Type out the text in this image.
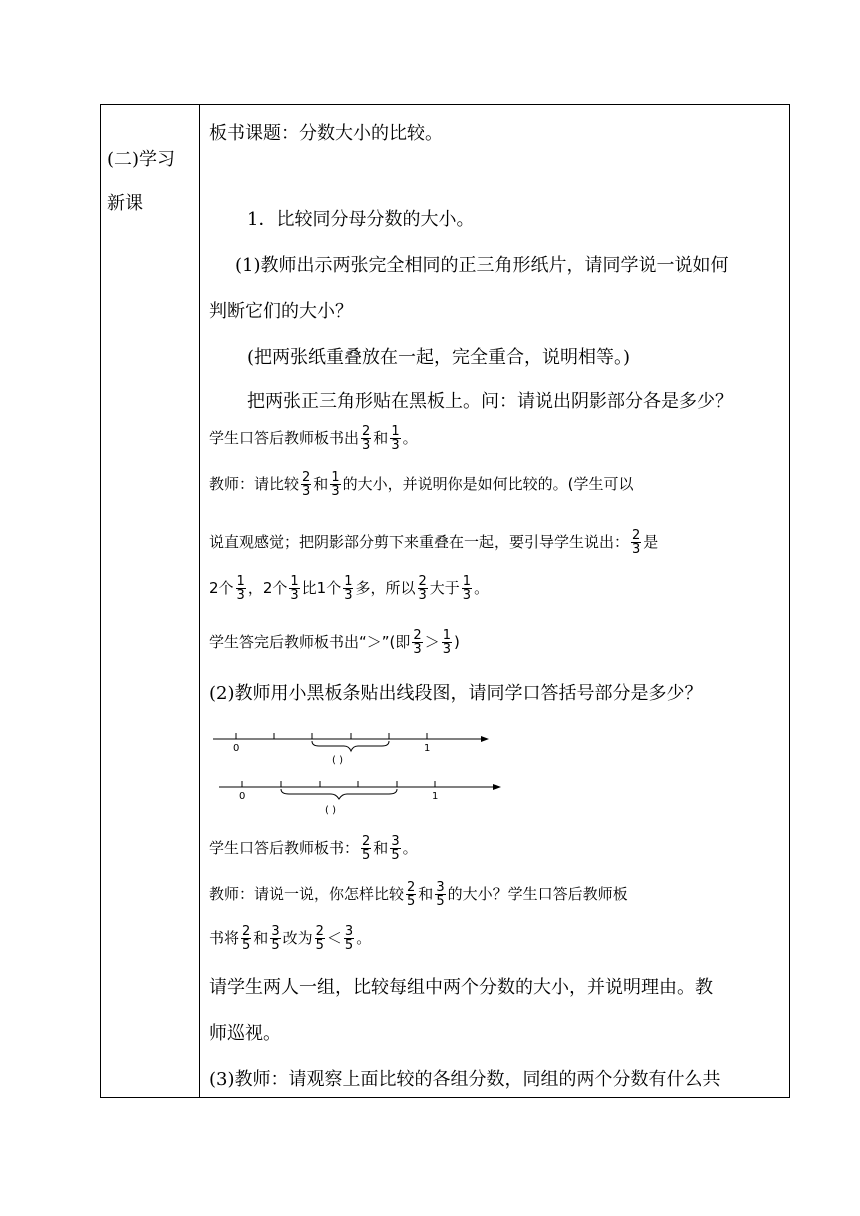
(二)学习
新课
板书课题：分数大小的比较。
1．比较同分母分数的大小。
(1)教师出示两张完全相同的正三角形纸片，请同学说一说如何
判断它们的大小？
(把两张纸重叠放在一起，完全重合，说明相等。)
把两张正三角形贴在黑板上。问：请说出阴影部分各是多少？
学生口答后教师板书出 $\frac{2}{3}$ 和 $\frac{1}{3}$ 。
教师：请比较 $\frac{2}{3}$ 和 $\frac{1}{3}$ 的大小，并说明你是如何比较的。(学生可以
说直观感觉；把阴影部分剪下来重叠在一起，要引导学生说出： $\frac{2}{3}$ 是
2个 $\frac{1}{3}$ ，2个 $\frac{1}{3}$ 比1个 $\frac{1}{3}$ 多，所以 $\frac{2}{3}$ 大于 $\frac{1}{3}$ 。
学生答完后教师板书出“＞”(即 $\frac{2}{3} > \frac{1}{3}$ )
(2)教师用小黑板条贴出线段图，请同学口答括号部分是多少？
0	1
( )
0	1
( )
学生口答后教师板书： $\frac{2}{5}$ 和 $\frac{3}{5}$ 。
教师：请说一说，你怎样比较 $\frac{2}{5}$ 和 $\frac{3}{5}$ 的大小？学生口答后教师板
书将 $\frac{2}{5}$ 和 $\frac{3}{5}$ 改为 $\frac{2}{5} < \frac{3}{5}$ 。
请学生两人一组，比较每组中两个分数的大小，并说明理由。教
师巡视。
(3)教师：请观察上面比较的各组分数，同组的两个分数有什么共
